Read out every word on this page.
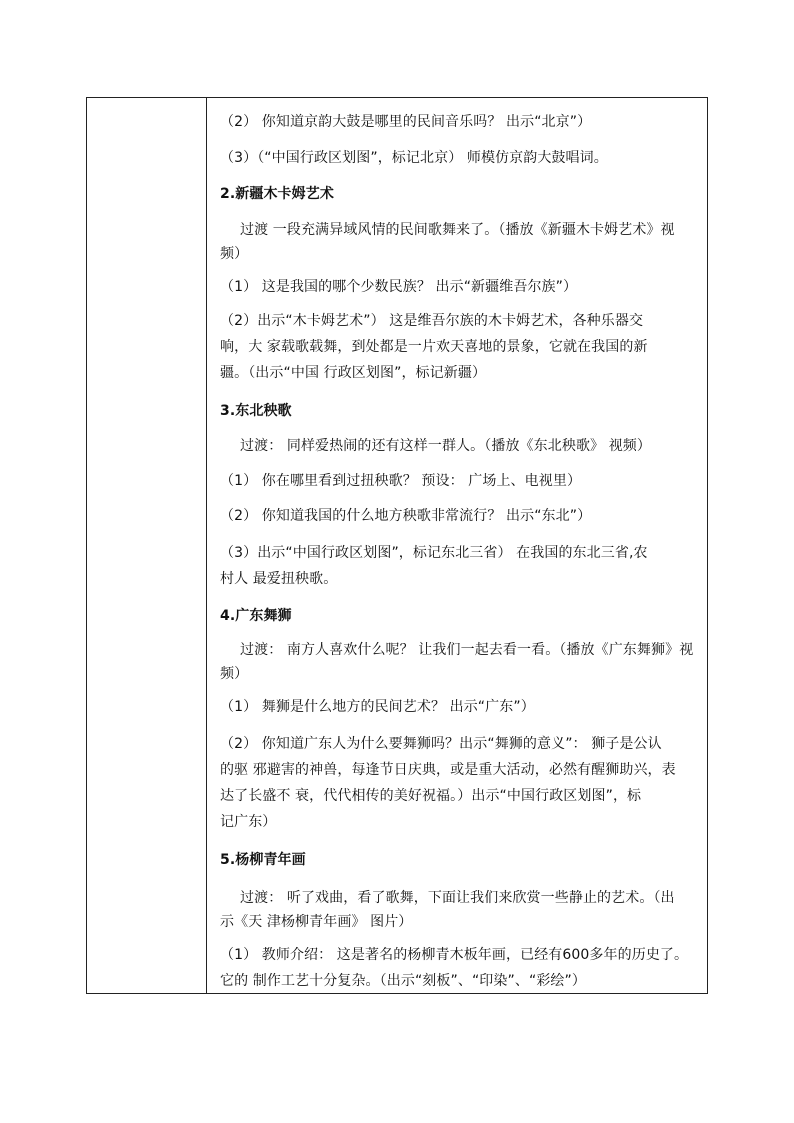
（2） 你知道京韵大鼓是哪里的民间音乐吗？ 出示“北京”）
（3）（“中国行政区划图”，标记北京） 师模仿京韵大鼓唱词。
2.新疆木卡姆艺术
过渡 一段充满异域风情的民间歌舞来了。（播放《新疆木卡姆艺术》视
频）
（1） 这是我国的哪个少数民族？ 出示“新疆维吾尔族”）
（2）出示“木卡姆艺术”） 这是维吾尔族的木卡姆艺术，各种乐器交
响，大 家载歌载舞，到处都是一片欢天喜地的景象，它就在我国的新
疆。（出示“中国 行政区划图”，标记新疆）
3.东北秧歌
过渡： 同样爱热闹的还有这样一群人。（播放《东北秧歌》 视频）
（1） 你在哪里看到过扭秧歌？ 预设： 广场上、电视里）
（2） 你知道我国的什么地方秧歌非常流行？ 出示“东北”）
（3）出示“中国行政区划图”，标记东北三省） 在我国的东北三省,农
村人 最爱扭秧歌。
4.广东舞狮
过渡： 南方人喜欢什么呢？ 让我们一起去看一看。（播放《广东舞狮》视
频）
（1） 舞狮是什么地方的民间艺术？ 出示“广东”）
（2） 你知道广东人为什么要舞狮吗？出示“舞狮的意义”： 狮子是公认
的驱 邪避害的神兽，每逢节日庆典，或是重大活动，必然有醒狮助兴，表
达了长盛不 衰，代代相传的美好祝福。）出示“中国行政区划图”，标
记广东）
5.杨柳青年画
过渡： 听了戏曲，看了歌舞，下面让我们来欣赏一些静止的艺术。（出
示《天 津杨柳青年画》 图片）
（1） 教师介绍： 这是著名的杨柳青木板年画，已经有600多年的历史了。
它的 制作工艺十分复杂。（出示“刻板”、“印染”、“彩绘”）
